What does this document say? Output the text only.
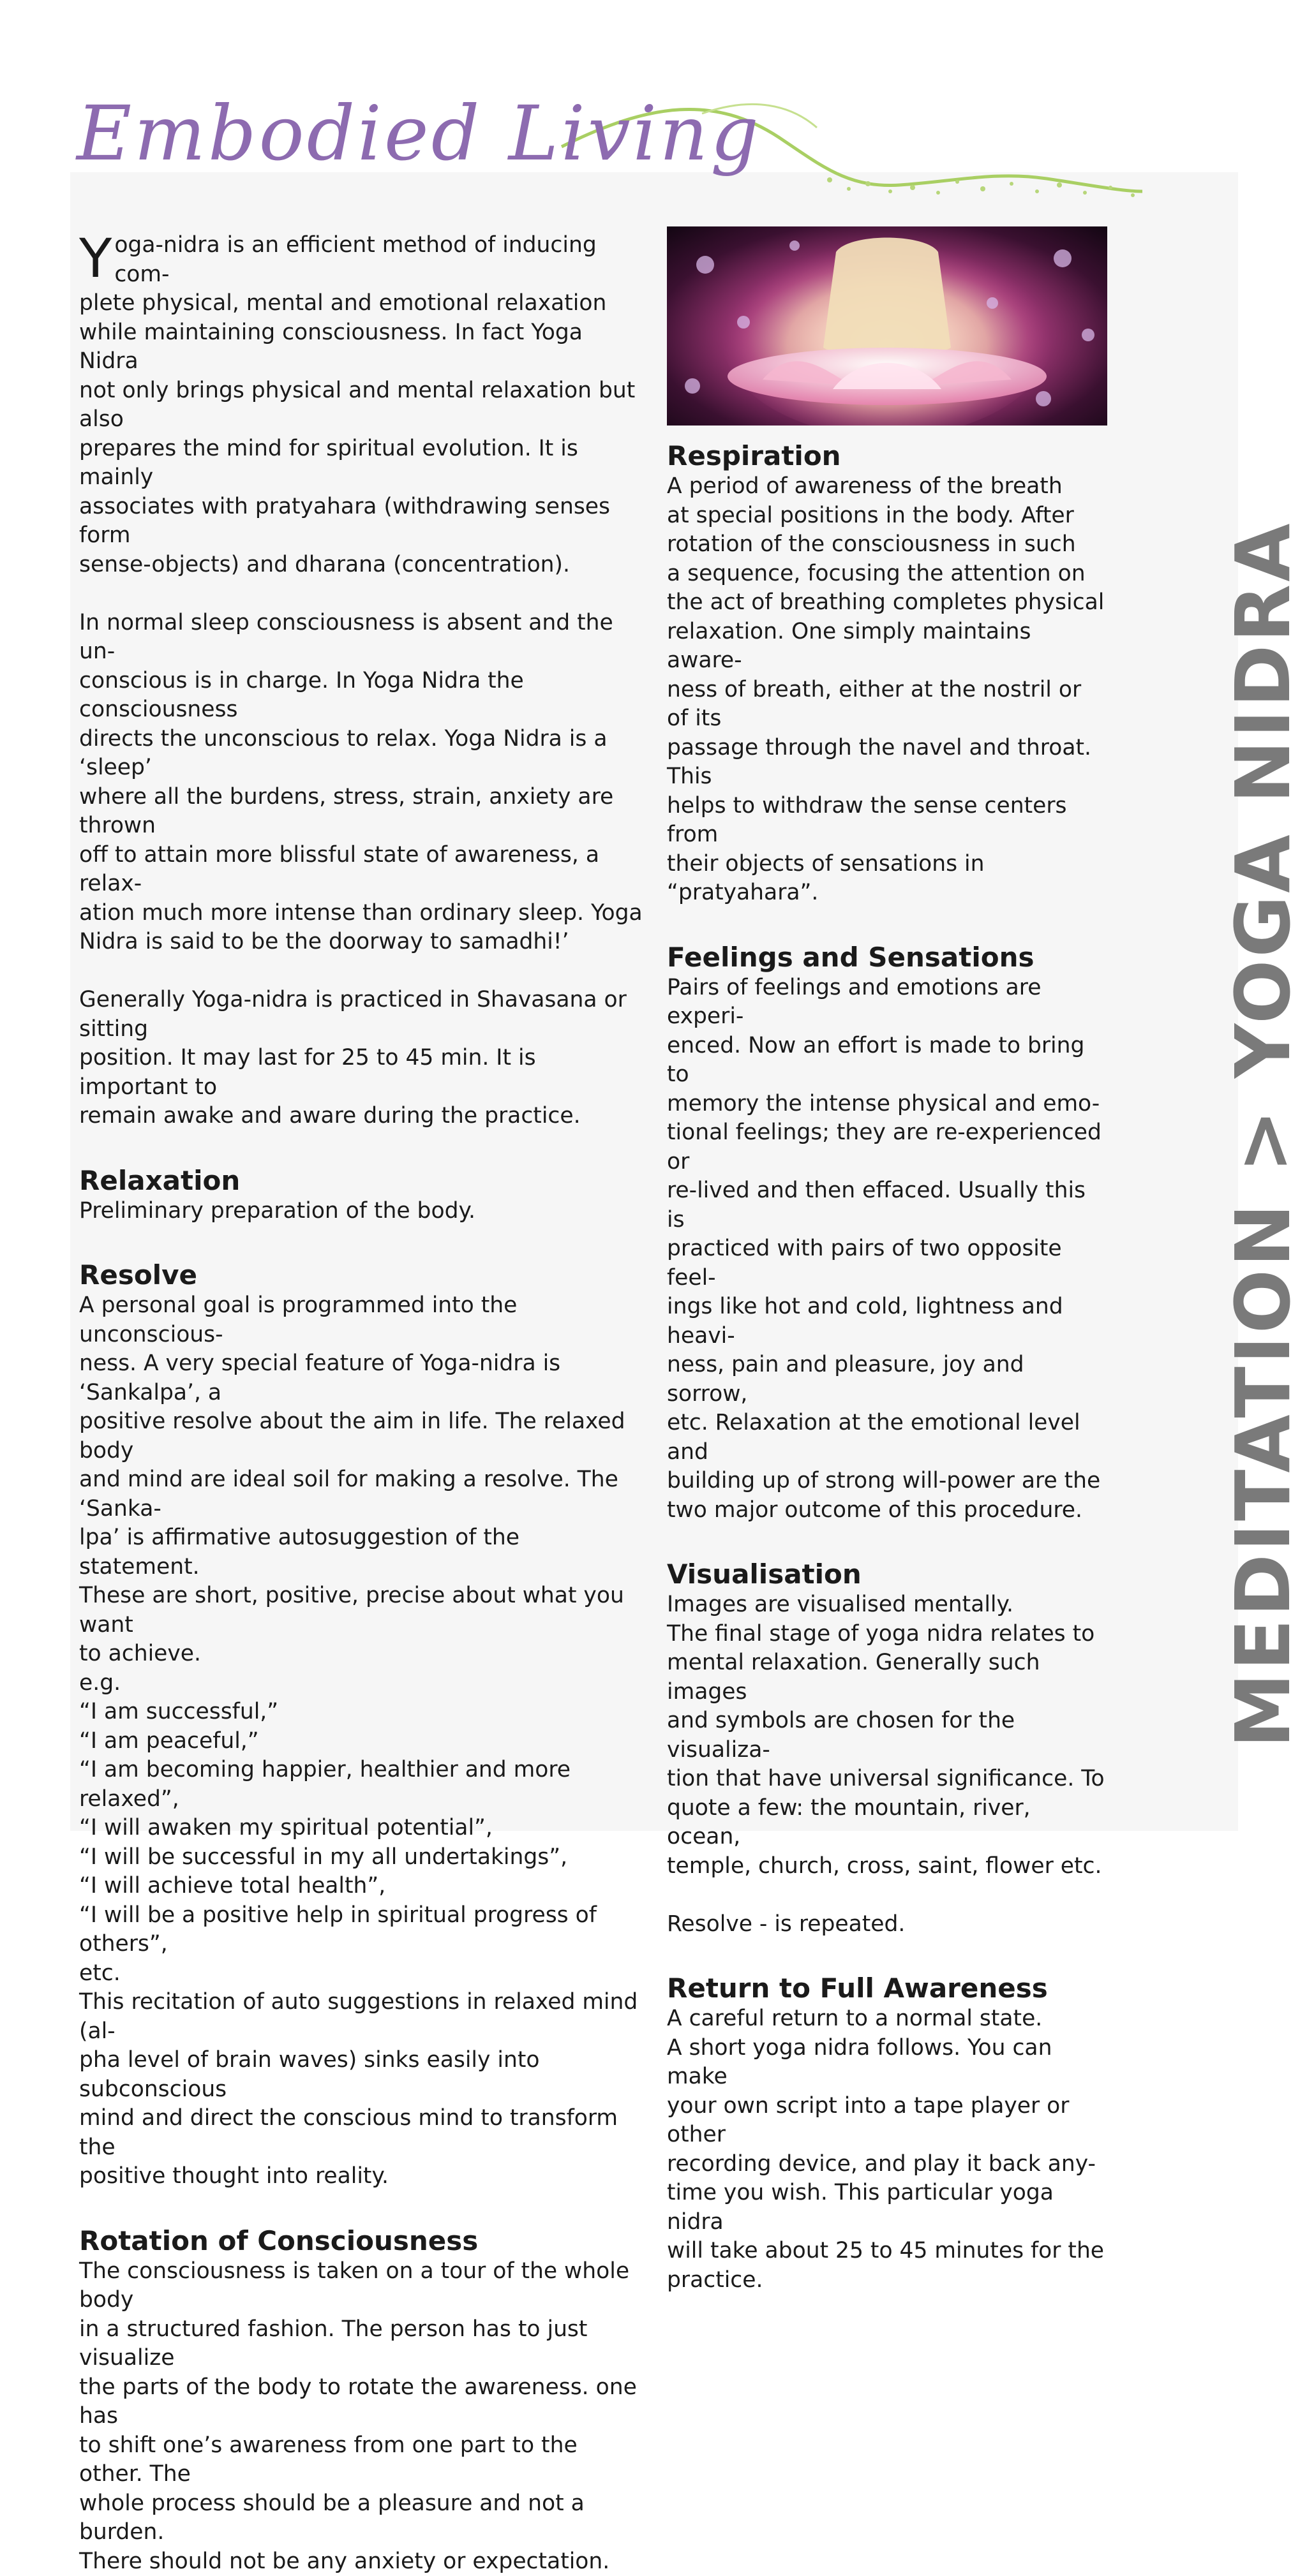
Embodied Living
MEDITATION > YOGA NIDRA

Yoga-nidra is an efficient method of inducing com-
plete physical, mental and emotional relaxation
while maintaining consciousness. In fact Yoga Nidra
not only brings physical and mental relaxation but also
prepares the mind for spiritual evolution. It is mainly
associates with pratyahara (withdrawing senses form
sense-objects) and dharana (concentration).

In normal sleep consciousness is absent and the un-
conscious is in charge. In Yoga Nidra the consciousness
directs the unconscious to relax. Yoga Nidra is a ‘sleep’
where all the burdens, stress, strain, anxiety are thrown
off to attain more blissful state of awareness, a relax-
ation much more intense than ordinary sleep. Yoga
Nidra is said to be the doorway to samadhi!’

Generally Yoga-nidra is practiced in Shavasana or sitting
position. It may last for 25 to 45 min. It is important to
remain awake and aware during the practice.

Relaxation

Preliminary preparation of the body.

Resolve

A personal goal is programmed into the unconscious-
ness. A very special feature of Yoga-nidra is ‘Sankalpa’, a
positive resolve about the aim in life. The relaxed body
and mind are ideal soil for making a resolve. The ‘Sanka-
lpa’ is affirmative autosuggestion of the statement.
These are short, positive, precise about what you want
to achieve.
e.g.
“I am successful,”
“I am peaceful,”
“I am becoming happier, healthier and more relaxed”,
“I will awaken my spiritual potential”,
“I will be successful in my all undertakings”,
“I will achieve total health”,
“I will be a positive help in spiritual progress of others”,
etc.
This recitation of auto suggestions in relaxed mind (al-
pha level of brain waves) sinks easily into subconscious
mind and direct the conscious mind to transform the
positive thought into reality.

Rotation of Consciousness

The consciousness is taken on a tour of the whole body
in a structured fashion. The person has to just visualize
the parts of the body to rotate the awareness. one has
to shift one’s awareness from one part to the other. The
whole process should be a pleasure and not a burden.
There should not be any anxiety or expectation.

Respiration

A period of awareness of the breath
at special positions in the body. After
rotation of the consciousness in such
a sequence, focusing the attention on
the act of breathing completes physical
relaxation. One simply maintains aware-
ness of breath, either at the nostril or of its
passage through the navel and throat. This
helps to withdraw the sense centers from
their objects of sensations in “pratyahara”.

Feelings and Sensations

Pairs of feelings and emotions are experi-
enced. Now an effort is made to bring to
memory the intense physical and emo-
tional feelings; they are re-experienced or
re-lived and then effaced. Usually this is
practiced with pairs of two opposite feel-
ings like hot and cold, lightness and heavi-
ness, pain and pleasure, joy and sorrow,
etc. Relaxation at the emotional level and
building up of strong will-power are the
two major outcome of this procedure.

Visualisation

Images are visualised mentally.
The final stage of yoga nidra relates to
mental relaxation. Generally such images
and symbols are chosen for the visualiza-
tion that have universal significance. To
quote a few: the mountain, river, ocean,
temple, church, cross, saint, flower etc.

Resolve - is repeated.

Return to Full Awareness

A careful return to a normal state.
A short yoga nidra follows. You can make
your own script into a tape player or other
recording device, and play it back any-
time you wish. This particular yoga nidra
will take about 25 to 45 minutes for the
practice.
